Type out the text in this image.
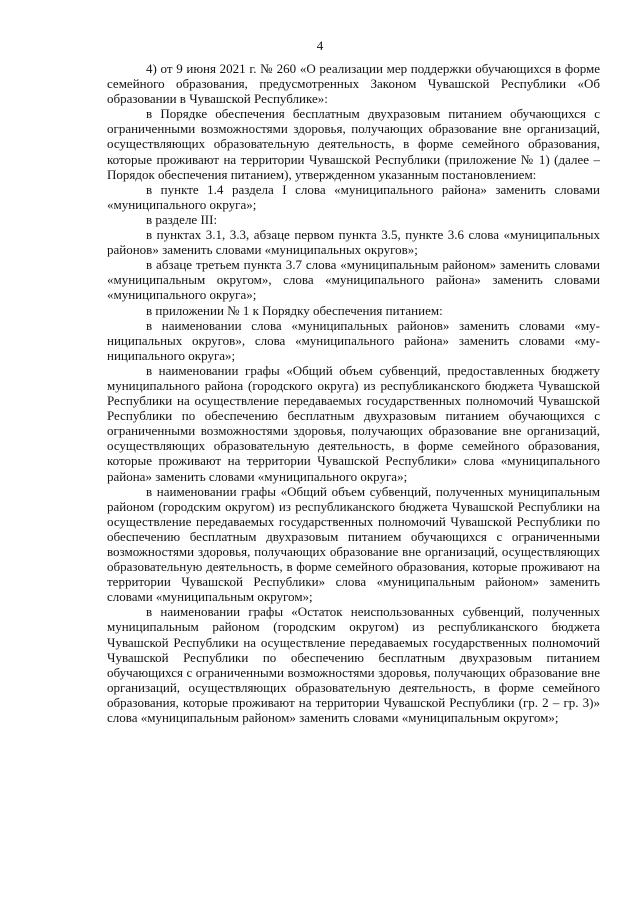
4

4) от 9 июня 2021 г. № 260 «О реализации мер поддержки обучающихся в форме семейного образования, предусмотренных Законом Чувашской Республики «Об образовании в Чувашской Республике»:

в Порядке обеспечения бесплатным двухразовым питанием обучающихся с ограниченными возможностями здоровья, получающих образование вне организаций, осуществляющих образовательную деятельность, в форме семейного образования, которые проживают на территории Чувашской Республики (приложение № 1) (далее – Порядок обеспечения питанием), утвержденном указанным постановлением:

в пункте 1.4 раздела I слова «муниципального района» заменить словами «муниципального округа»;

в разделе III:

в пунктах 3.1, 3.3, абзаце первом пункта 3.5, пункте 3.6 слова «муниципальных районов» заменить словами «муниципальных округов»;

в абзаце третьем пункта 3.7 слова «муниципальным районом» заменить словами «муниципальным округом», слова «муниципального района» заменить словами «муниципального округа»;

в приложении № 1 к Порядку обеспечения питанием:

в наименовании слова «муниципальных районов» заменить словами «муниципальных округов», слова «муниципального района» заменить словами «муниципального округа»;

в наименовании графы «Общий объем субвенций, предоставленных бюджету муниципального района (городского округа) из республиканского бюджета Чувашской Республики на осуществление передаваемых государственных полномочий Чувашской Республики по обеспечению бесплатным двухразовым питанием обучающихся с ограниченными возможностями здоровья, получающих образование вне организаций, осуществляющих образовательную деятельность, в форме семейного образования, которые проживают на территории Чувашской Республики» слова «муниципального района» заменить словами «муниципального округа»;

в наименовании графы «Общий объем субвенций, полученных муниципальным районом (городским округом) из республиканского бюджета Чувашской Республики на осуществление передаваемых государственных полномочий Чувашской Республики по обеспечению бесплатным двухразовым питанием обучающихся с ограниченными возможностями здоровья, получающих образование вне организаций, осуществляющих образовательную деятельность, в форме семейного образования, которые проживают на территории Чувашской Республики» слова «муниципальным районом» заменить словами «муниципальным округом»;

в наименовании графы «Остаток неиспользованных субвенций, полученных муниципальным районом (городским округом) из республиканского бюджета Чувашской Республики на осуществление передаваемых государственных полномочий Чувашской Республики по обеспечению бесплатным двухразовым питанием обучающихся с ограниченными возможностями здоровья, получающих образование вне организаций, осуществляющих образовательную деятельность, в форме семейного образования, которые проживают на территории Чувашской Республики (гр. 2 – гр. 3)» слова «муниципальным районом» заменить словами «муниципальным округом»;
